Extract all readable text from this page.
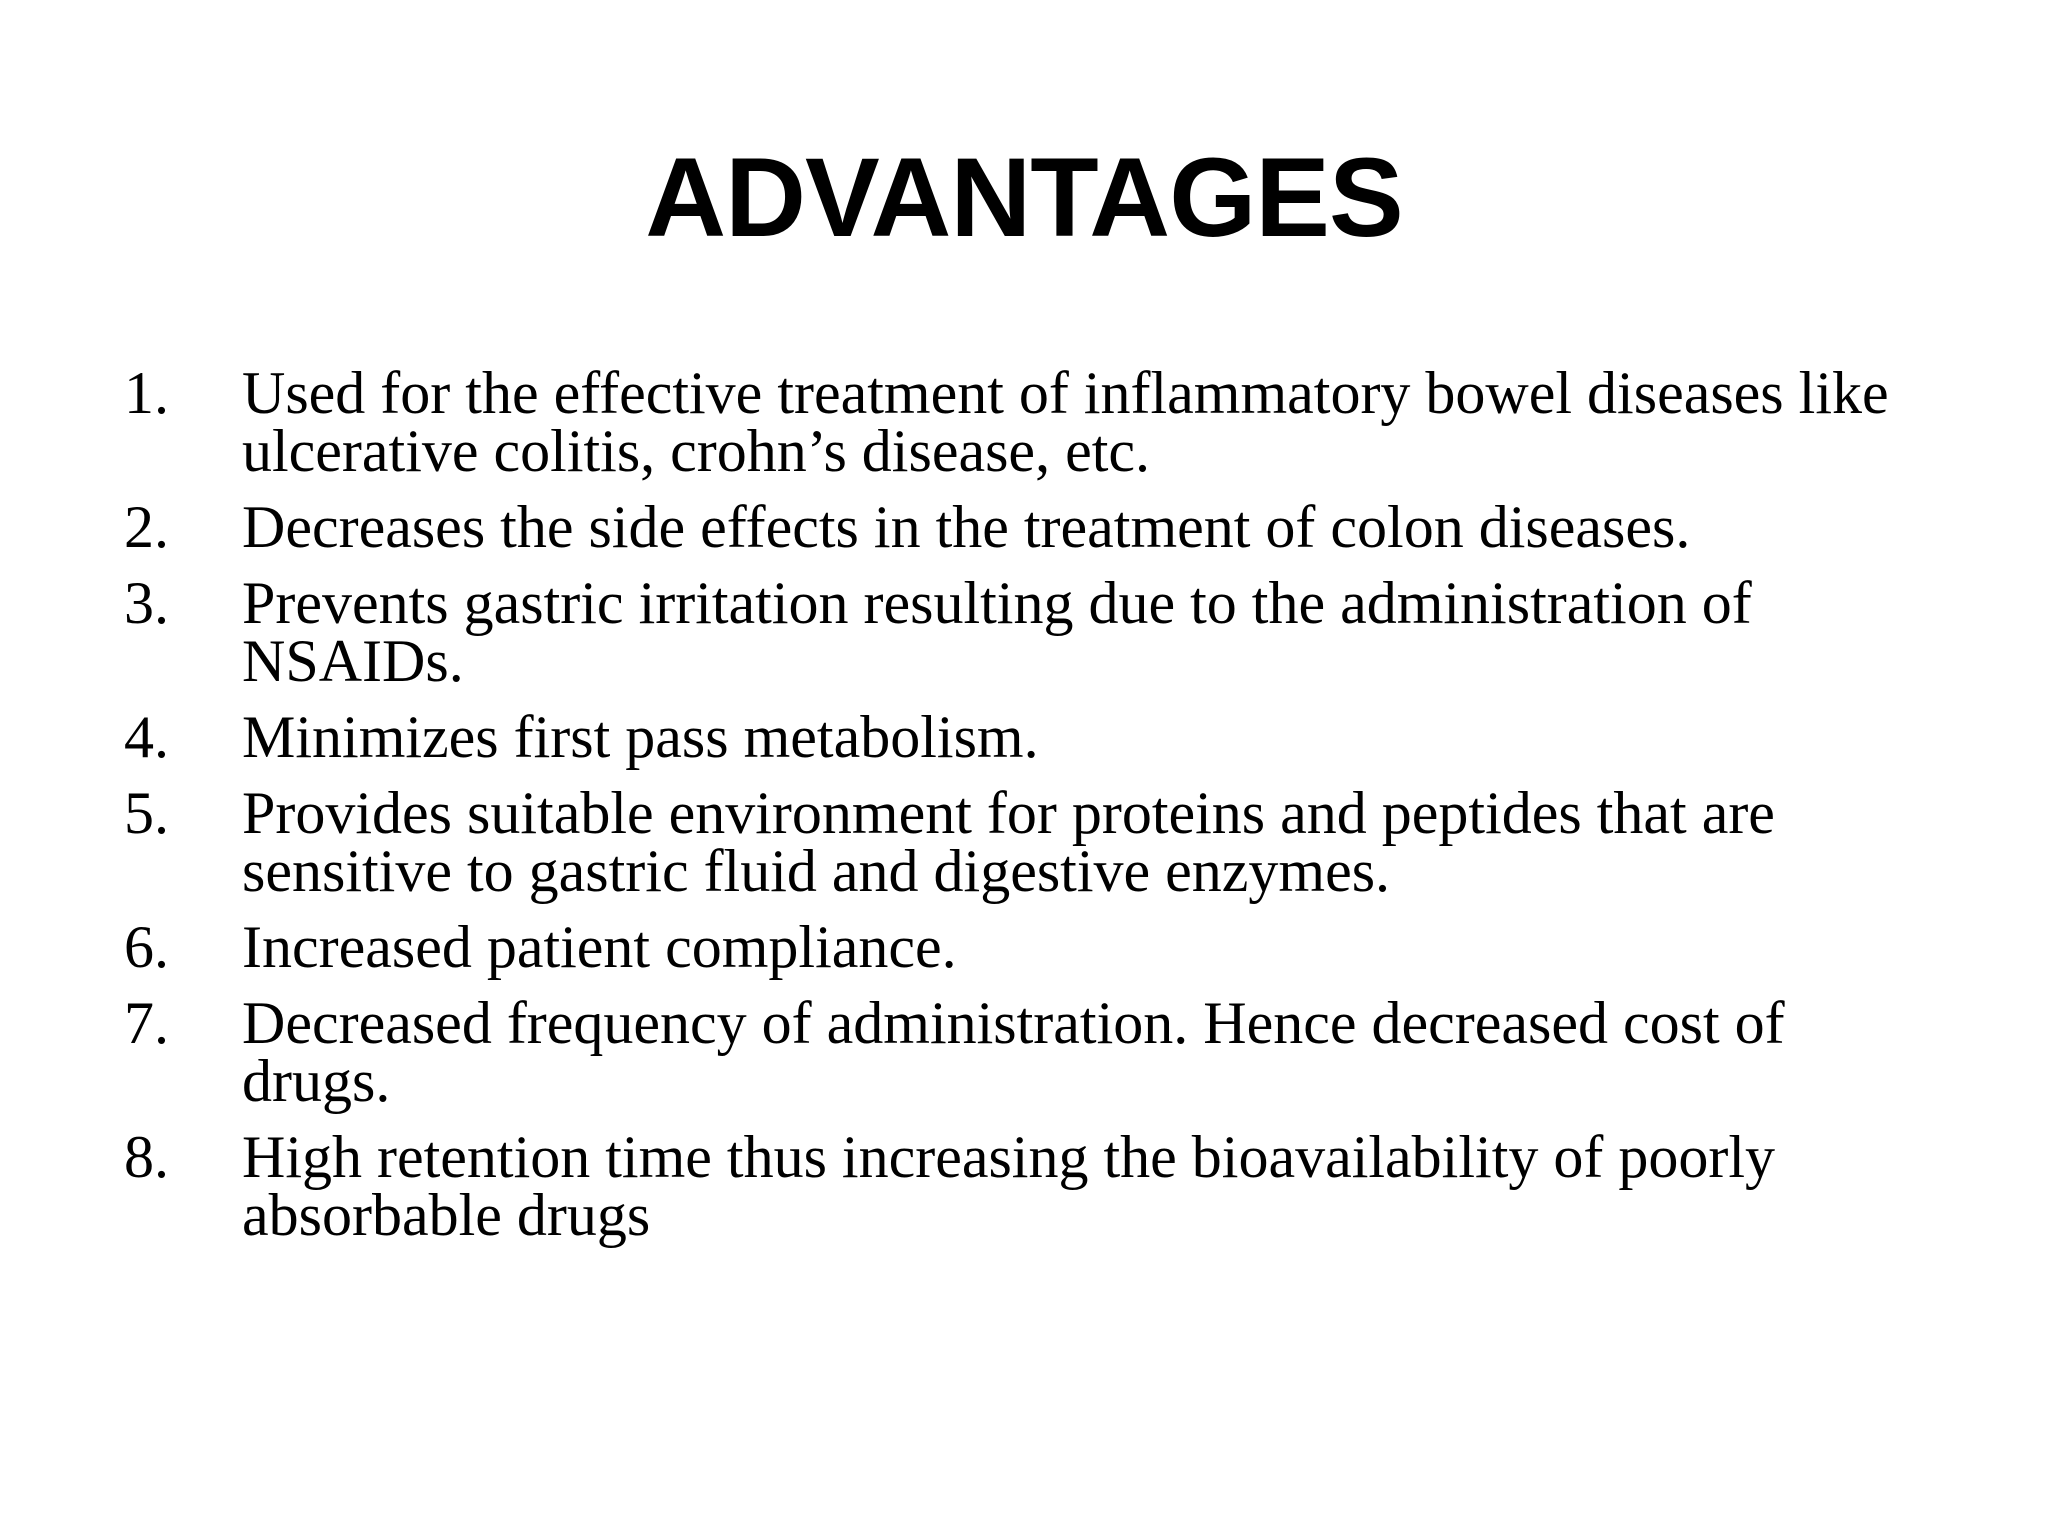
ADVANTAGES
1.	Used for the effective treatment of inflammatory bowel diseases like ulcerative colitis, crohn’s disease, etc.
2.	Decreases the side effects in the treatment of colon diseases.
3.	Prevents gastric irritation resulting due to the administration of NSAIDs.
4.	Minimizes first pass metabolism.
5.	Provides suitable environment for proteins and peptides that are sensitive to gastric fluid and digestive enzymes.
6.	Increased patient compliance.
7.	Decreased frequency of administration. Hence decreased cost of drugs.
8.	High retention time thus increasing the bioavailability of poorly absorbable drugs
